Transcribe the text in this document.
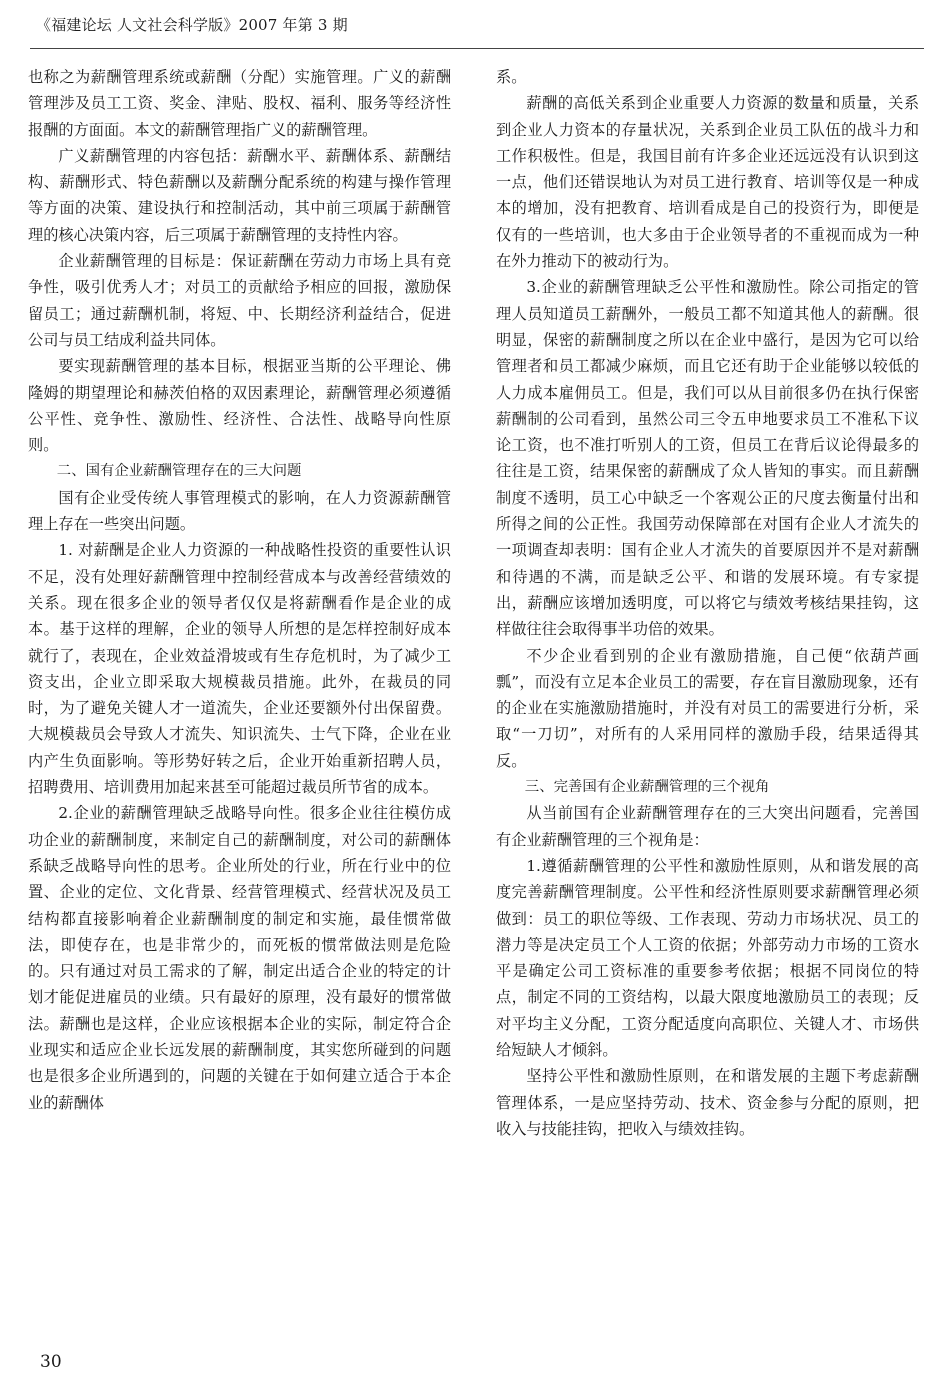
《福建论坛 人文社会科学版》2007 年第 3 期

也称之为薪酬管理系统或薪酬（分配）实施管理。广义的薪酬管理涉及员工工资、奖金、津贴、股权、福利、服务等经济性报酬的方面面。本文的薪酬管理指广义的薪酬管理。

广义薪酬管理的内容包括：薪酬水平、薪酬体系、薪酬结构、薪酬形式、特色薪酬以及薪酬分配系统的构建与操作管理等方面的决策、建设执行和控制活动，其中前三项属于薪酬管理的核心决策内容，后三项属于薪酬管理的支持性内容。

企业薪酬管理的目标是：保证薪酬在劳动力市场上具有竞争性，吸引优秀人才；对员工的贡献给予相应的回报，激励保留员工；通过薪酬机制，将短、中、长期经济利益结合，促进公司与员工结成利益共同体。

要实现薪酬管理的基本目标，根据亚当斯的公平理论、佛隆姆的期望理论和赫茨伯格的双因素理论，薪酬管理必须遵循公平性、竞争性、激励性、经济性、合法性、战略导向性原则。

二、国有企业薪酬管理存在的三大问题

国有企业受传统人事管理模式的影响，在人力资源薪酬管理上存在一些突出问题。

1. 对薪酬是企业人力资源的一种战略性投资的重要性认识不足，没有处理好薪酬管理中控制经营成本与改善经营绩效的关系。现在很多企业的领导者仅仅是将薪酬看作是企业的成本。基于这样的理解，企业的领导人所想的是怎样控制好成本就行了，表现在，企业效益滑坡或有生存危机时，为了减少工资支出，企业立即采取大规模裁员措施。此外，在裁员的同时，为了避免关键人才一道流失，企业还要额外付出保留费。大规模裁员会导致人才流失、知识流失、士气下降，企业在业内产生负面影响。等形势好转之后，企业开始重新招聘人员，招聘费用、培训费用加起来甚至可能超过裁员所节省的成本。

2.企业的薪酬管理缺乏战略导向性。很多企业往往模仿成功企业的薪酬制度，来制定自己的薪酬制度，对公司的薪酬体系缺乏战略导向性的思考。企业所处的行业，所在行业中的位置、企业的定位、文化背景、经营管理模式、经营状况及员工结构都直接影响着企业薪酬制度的制定和实施，最佳惯常做法，即使存在，也是非常少的，而死板的惯常做法则是危险的。只有通过对员工需求的了解，制定出适合企业的特定的计划才能促进雇员的业绩。只有最好的原理，没有最好的惯常做法。薪酬也是这样，企业应该根据本企业的实际，制定符合企业现实和适应企业长远发展的薪酬制度，其实您所碰到的问题也是很多企业所遇到的，问题的关键在于如何建立适合于本企业的薪酬体

系。

薪酬的高低关系到企业重要人力资源的数量和质量，关系到企业人力资本的存量状况，关系到企业员工队伍的战斗力和工作积极性。但是，我国目前有许多企业还远远没有认识到这一点，他们还错误地认为对员工进行教育、培训等仅是一种成本的增加，没有把教育、培训看成是自己的投资行为，即便是仅有的一些培训，也大多由于企业领导者的不重视而成为一种在外力推动下的被动行为。

3.企业的薪酬管理缺乏公平性和激励性。除公司指定的管理人员知道员工薪酬外，一般员工都不知道其他人的薪酬。很明显，保密的薪酬制度之所以在企业中盛行，是因为它可以给管理者和员工都减少麻烦，而且它还有助于企业能够以较低的人力成本雇佣员工。但是，我们可以从目前很多仍在执行保密薪酬制的公司看到，虽然公司三令五申地要求员工不准私下议论工资，也不准打听别人的工资，但员工在背后议论得最多的往往是工资，结果保密的薪酬成了众人皆知的事实。而且薪酬制度不透明，员工心中缺乏一个客观公正的尺度去衡量付出和所得之间的公正性。我国劳动保障部在对国有企业人才流失的一项调查却表明：国有企业人才流失的首要原因并不是对薪酬和待遇的不满，而是缺乏公平、和谐的发展环境。有专家提出，薪酬应该增加透明度，可以将它与绩效考核结果挂钩，这样做往往会取得事半功倍的效果。

不少企业看到别的企业有激励措施，自己便“依葫芦画瓢”，而没有立足本企业员工的需要，存在盲目激励现象，还有的企业在实施激励措施时，并没有对员工的需要进行分析，采取“一刀切”，对所有的人采用同样的激励手段，结果适得其反。

三、完善国有企业薪酬管理的三个视角

从当前国有企业薪酬管理存在的三大突出问题看，完善国有企业薪酬管理的三个视角是：

1.遵循薪酬管理的公平性和激励性原则，从和谐发展的高度完善薪酬管理制度。公平性和经济性原则要求薪酬管理必须做到：员工的职位等级、工作表现、劳动力市场状况、员工的潜力等是决定员工个人工资的依据；外部劳动力市场的工资水平是确定公司工资标准的重要参考依据；根据不同岗位的特点，制定不同的工资结构，以最大限度地激励员工的表现；反对平均主义分配，工资分配适度向高职位、关键人才、市场供给短缺人才倾斜。

坚持公平性和激励性原则，在和谐发展的主题下考虑薪酬管理体系，一是应坚持劳动、技术、资金参与分配的原则，把收入与技能挂钩，把收入与绩效挂钩。

30
